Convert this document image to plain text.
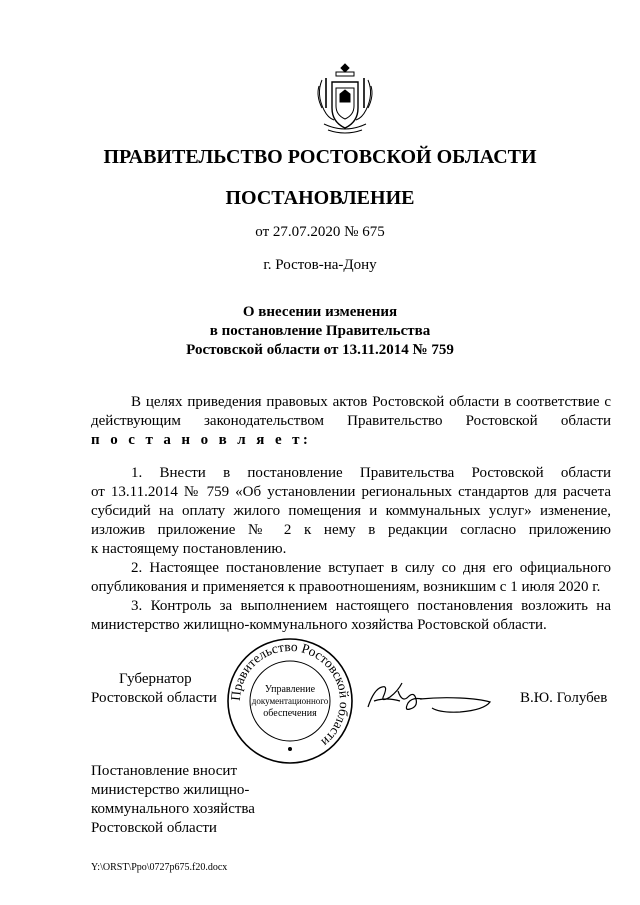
ПРАВИТЕЛЬСТВО РОСТОВСКОЙ ОБЛАСТИ
ПОСТАНОВЛЕНИЕ
от 27.07.2020 № 675
г. Ростов-на-Дону
О внесении изменения
в постановление Правительства
Ростовской области от 13.11.2014 № 759
В целях приведения правовых актов Ростовской области в соответствие с
действующим законодательством Правительство Ростовской области
п о с т а н о в л я е т:
1. Внести в постановление Правительства Ростовской области
от 13.11.2014 № 759 «Об установлении региональных стандартов для расчета
субсидий на оплату жилого помещения и коммунальных услуг» изменение,
изложив приложение № 2 к нему в редакции согласно приложению
к настоящему постановлению.
2. Настоящее постановление вступает в силу со дня его официального
опубликования и применяется к правоотношениям, возникшим с 1 июля 2020 г.
3. Контроль за выполнением настоящего постановления возложить на
министерство жилищно-коммунального хозяйства Ростовской области.
Губернатор
Ростовской области Правительство Ростовской области
Управление
документационного
обеспечения
В.Ю. Голубев
Постановление вносит
министерство жилищно-
коммунального хозяйства
Ростовской области
Y:\ORST\Ppo\0727p675.f20.docx
